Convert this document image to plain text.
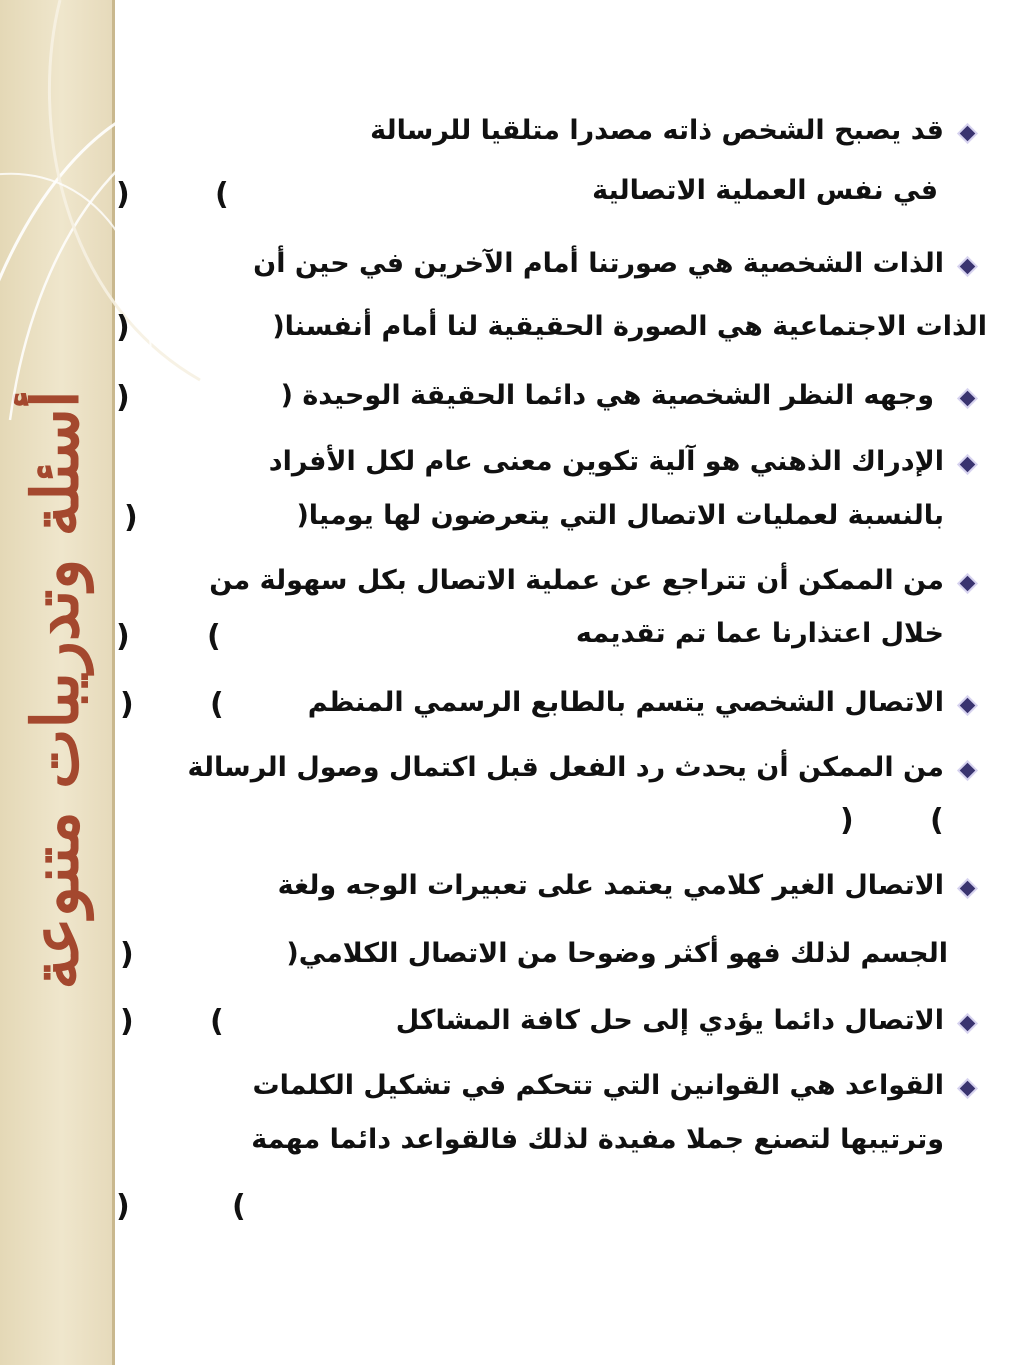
أسئلة وتدريبات متنوعة
قد يصبح الشخص ذاته مصدرا متلقيا للرسالة
في نفس العملية الاتصالية
(
)
الذات الشخصية هي صورتنا أمام الآخرين في حين أن
الذات الاجتماعية هي الصورة الحقيقية لنا أمام أنفسنا(
)
وجهه النظر الشخصية هي دائما الحقيقة الوحيدة (
)
الإدراك الذهني هو آلية تكوين معنى عام لكل الأفراد
بالنسبة لعمليات الاتصال التي يتعرضون لها يوميا(
)
من الممكن أن تتراجع عن عملية الاتصال بكل سهولة من
خلال اعتذارنا عما تم تقديمه
(
)
الاتصال الشخصي يتسم بالطابع الرسمي المنظم
(
)
من الممكن أن يحدث رد الفعل قبل اكتمال وصول الرسالة
(
)
الاتصال الغير كلامي يعتمد على تعبيرات الوجه ولغة
الجسم لذلك فهو أكثر وضوحا من الاتصال الكلامي(
)
الاتصال دائما يؤدي إلى حل كافة المشاكل
(
)
القواعد هي القوانين التي تتحكم في تشكيل الكلمات
وترتيبها لتصنع جملا مفيدة لذلك فالقواعد دائما مهمة
(
)
